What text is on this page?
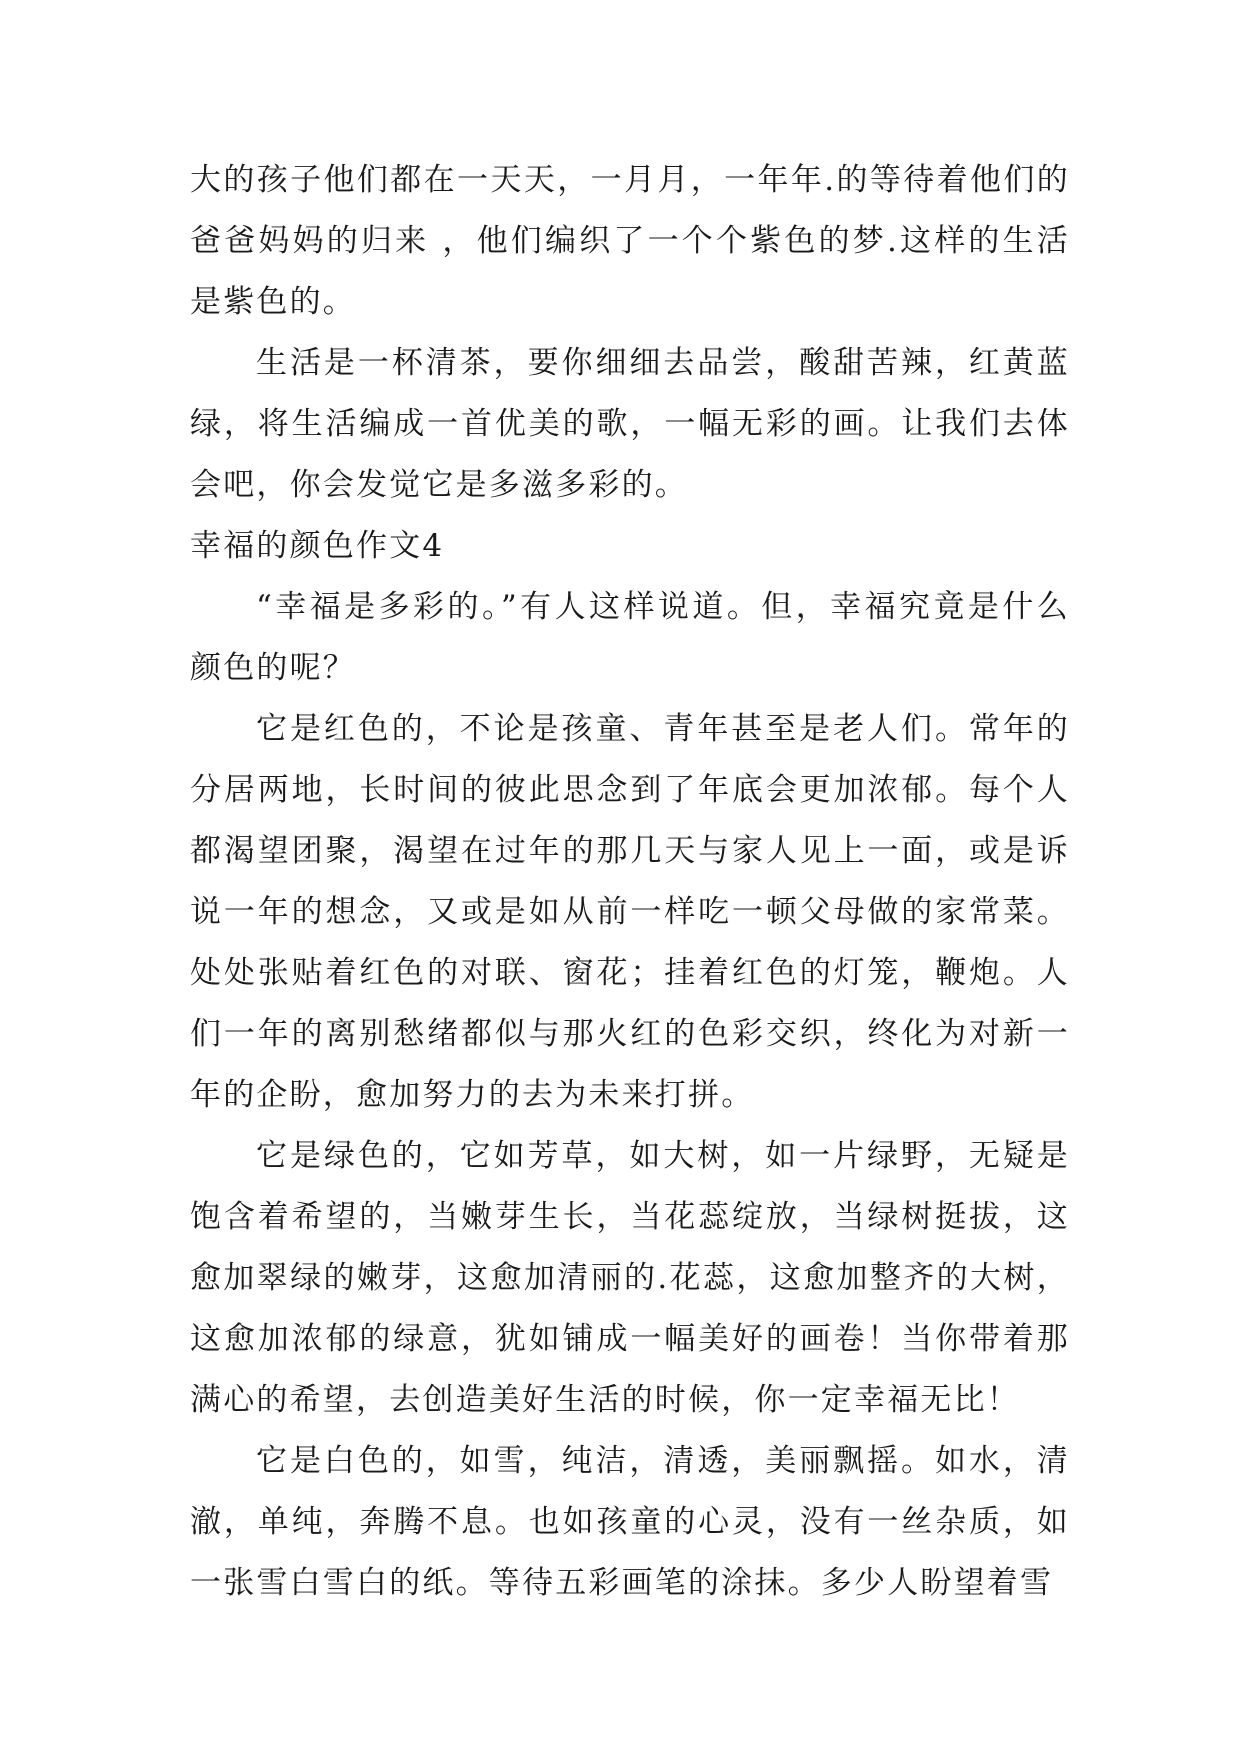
大的孩子他们都在一天天，一月月，一年年.的等待着他们的爸爸妈妈的归来 ，他们编织了一个个紫色的梦.这样的生活是紫色的。

生活是一杯清茶，要你细细去品尝，酸甜苦辣，红黄蓝绿，将生活编成一首优美的歌，一幅无彩的画。让我们去体会吧，你会发觉它是多滋多彩的。

幸福的颜色作文4

“幸福是多彩的。”有人这样说道。但，幸福究竟是什么颜色的呢？

它是红色的，不论是孩童、青年甚至是老人们。常年的分居两地，长时间的彼此思念到了年底会更加浓郁。每个人都渴望团聚，渴望在过年的那几天与家人见上一面，或是诉说一年的想念，又或是如从前一样吃一顿父母做的家常菜。处处张贴着红色的对联、窗花；挂着红色的灯笼，鞭炮。人们一年的离别愁绪都似与那火红的色彩交织，终化为对新一年的企盼，愈加努力的去为未来打拼。

它是绿色的，它如芳草，如大树，如一片绿野，无疑是饱含着希望的，当嫩芽生长，当花蕊绽放，当绿树挺拔，这愈加翠绿的嫩芽，这愈加清丽的.花蕊，这愈加整齐的大树，这愈加浓郁的绿意，犹如铺成一幅美好的画卷！当你带着那满心的希望，去创造美好生活的时候，你一定幸福无比！

它是白色的，如雪，纯洁，清透，美丽飘摇。如水，清澈，单纯，奔腾不息。也如孩童的心灵，没有一丝杂质，如一张雪白雪白的纸。等待五彩画笔的涂抹。多少人盼望着雪
